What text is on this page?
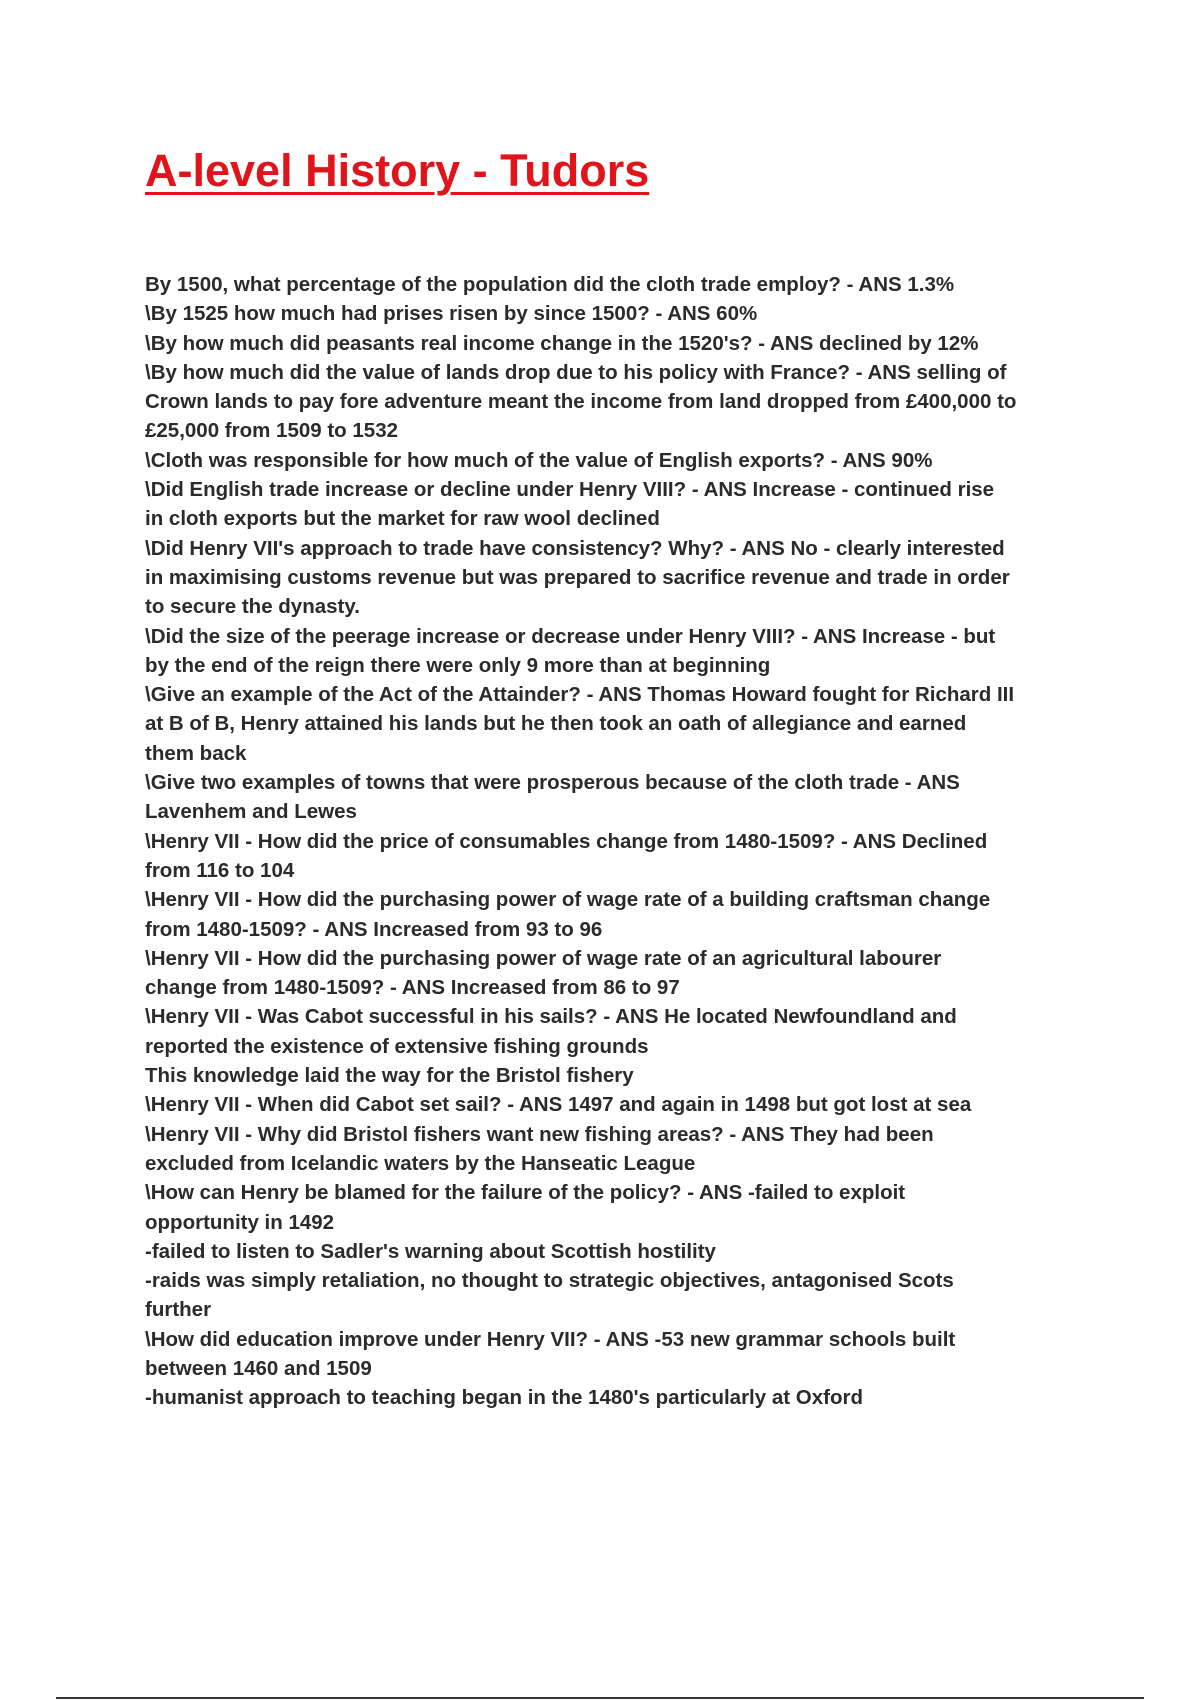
A-level History - Tudors
By 1500, what percentage of the population did the cloth trade employ? - ANS 1.3%
\By 1525 how much had prises risen by since 1500? - ANS 60%
\By how much did peasants real income change in the 1520's? - ANS declined by 12%
\By how much did the value of lands drop due to his policy with France? - ANS selling of
Crown lands to pay fore adventure meant the income from land dropped from £400,000 to
£25,000 from 1509 to 1532
\Cloth was responsible for how much of the value of English exports? - ANS 90%
\Did English trade increase or decline under Henry VIII? - ANS Increase - continued rise
in cloth exports but the market for raw wool declined
\Did Henry VII's approach to trade have consistency? Why? - ANS No - clearly interested
in maximising customs revenue but was prepared to sacrifice revenue and trade in order
to secure the dynasty.
\Did the size of the peerage increase or decrease under Henry VIII? - ANS Increase - but
by the end of the reign there were only 9 more than at beginning
\Give an example of the Act of the Attainder? - ANS Thomas Howard fought for Richard III
at B of B, Henry attained his lands but he then took an oath of allegiance and earned
them back
\Give two examples of towns that were prosperous because of the cloth trade - ANS
Lavenhem and Lewes
\Henry VII - How did the price of consumables change from 1480-1509? - ANS Declined
from 116 to 104
\Henry VII - How did the purchasing power of wage rate of a building craftsman change
from 1480-1509? - ANS Increased from 93 to 96
\Henry VII - How did the purchasing power of wage rate of an agricultural labourer
change from 1480-1509? - ANS Increased from 86 to 97
\Henry VII - Was Cabot successful in his sails? - ANS He located Newfoundland and
reported the existence of extensive fishing grounds
This knowledge laid the way for the Bristol fishery
\Henry VII - When did Cabot set sail? - ANS 1497 and again in 1498 but got lost at sea
\Henry VII - Why did Bristol fishers want new fishing areas? - ANS They had been
excluded from Icelandic waters by the Hanseatic League
\How can Henry be blamed for the failure of the policy? - ANS -failed to exploit
opportunity in 1492
-failed to listen to Sadler's warning about Scottish hostility
-raids was simply retaliation, no thought to strategic objectives, antagonised Scots
further
\How did education improve under Henry VII? - ANS -53 new grammar schools built
between 1460 and 1509
-humanist approach to teaching began in the 1480's particularly at Oxford
